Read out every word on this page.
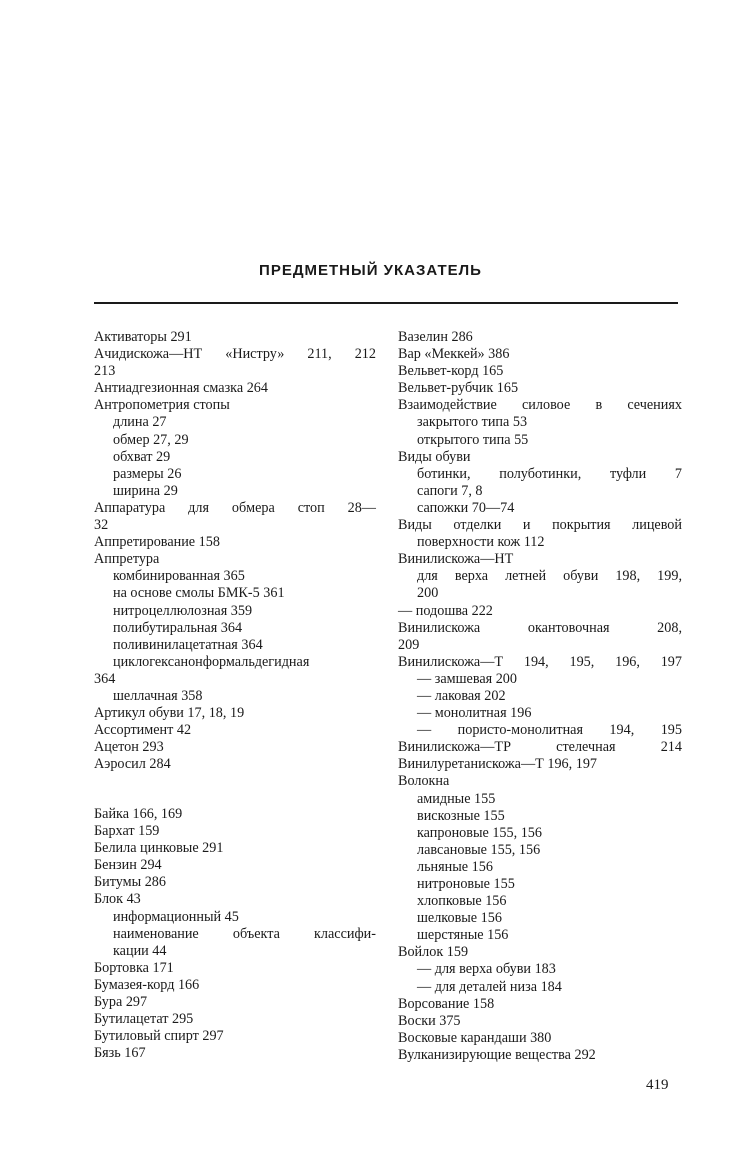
ПРЕДМЕТНЫЙ УКАЗАТЕЛЬ
Активаторы 291
Ачидискожа—НТ «Нистру» 211, 212
213
Антиадгезионная смазка 264
Антропометрия стопы
длина 27
обмер 27, 29
обхват 29
размеры 26
ширина 29
Аппаратура для обмера стоп 28—
32
Аппретирование 158
Аппретура
комбинированная 365
на основе смолы БМК-5 361
нитроцеллюлозная 359
полибутиральная 364
поливинилацетатная 364
циклогексанонформальдегидная
364
шеллачная 358
Артикул обуви 17, 18, 19
Ассортимент 42
Ацетон 293
Аэросил 284
Байка 166, 169
Бархат 159
Белила цинковые 291
Бензин 294
Битумы 286
Блок 43
информационный 45
наименование объекта классифи-
кации 44
Бортовка 171
Бумазея-корд 166
Бура 297
Бутилацетат 295
Бутиловый спирт 297
Бязь 167
Вазелин 286
Вар «Меккей» 386
Вельвет-корд 165
Вельвет-рубчик 165
Взаимодействие силовое в сечениях
закрытого типа 53
открытого типа 55
Виды обуви
ботинки, полуботинки, туфли 7
сапоги 7, 8
сапожки 70—74
Виды отделки и покрытия лицевой
поверхности кож 112
Винилискожа—НТ
для верха летней обуви 198, 199,
200
— подошва 222
Винилискожа окантовочная 208,
209
Винилискожа—Т 194, 195, 196, 197
— замшевая 200
— лаковая 202
— монолитная 196
— пористо-монолитная 194, 195
Винилискожа—ТР стелечная 214
Винилуретанискожа—Т 196, 197
Волокна
амидные 155
вискозные 155
капроновые 155, 156
лавсановые 155, 156
льняные 156
нитроновые 155
хлопковые 156
шелковые 156
шерстяные 156
Войлок 159
— для верха обуви 183
— для деталей низа 184
Ворсование 158
Воски 375
Восковые карандаши 380
Вулканизирующие вещества 292
419
